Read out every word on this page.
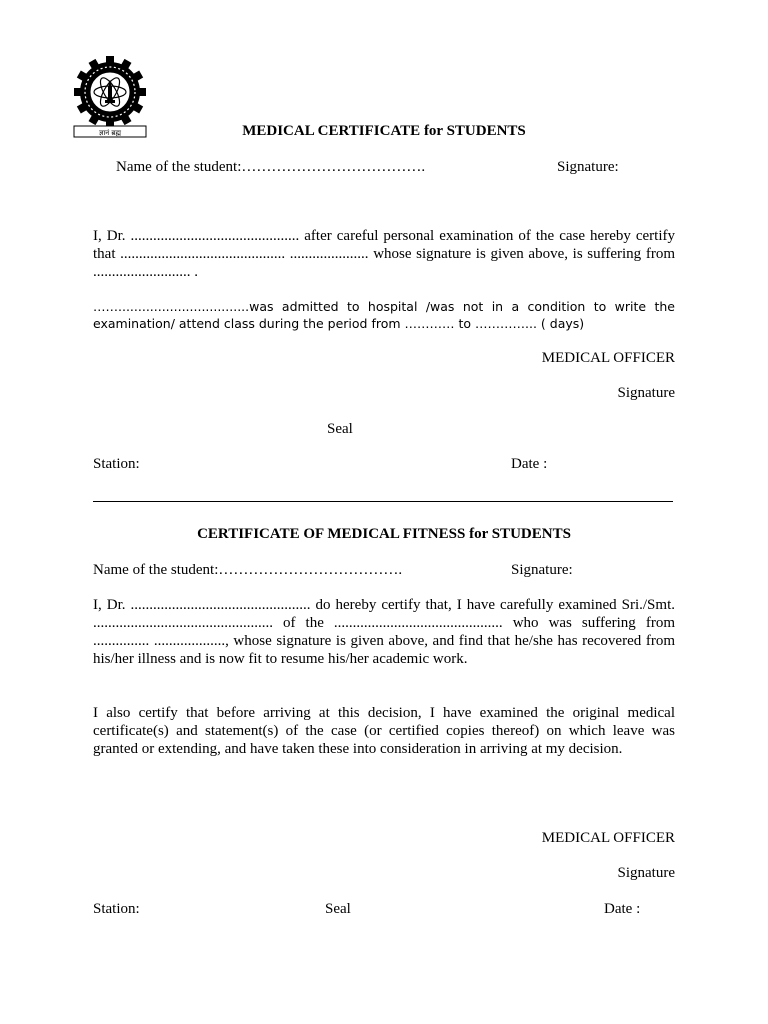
ज्ञानं ब्रह्म	MEDICAL CERTIFICATE for STUDENTS
Name of the student:……………………………….	Signature:
I, Dr. ............................................. after careful personal examination of the case hereby certify that ............................................ ..................... whose signature is given above, is suffering from .......................... .
…….................................was admitted to hospital /was not in a condition to write the examination/ attend class during the period from ………… to …………... ( days)
MEDICAL OFFICER
Signature
Seal
Station:	Date :
CERTIFICATE OF MEDICAL FITNESS for STUDENTS
Name of the student:……………………………….	Signature:
I, Dr. ................................................ do hereby certify that, I have carefully examined Sri./Smt. ................................................ of the ............................................. who was suffering from ............... ..................., whose signature is given above, and find that he/she has recovered from his/her illness and is now fit to resume his/her academic work.
I also certify that before arriving at this decision, I have examined the original medical certificate(s) and statement(s) of the case (or certified copies thereof) on which leave was granted or extending, and have taken these into consideration in arriving at my decision.
MEDICAL OFFICER
Signature
Station:	Seal	Date :
